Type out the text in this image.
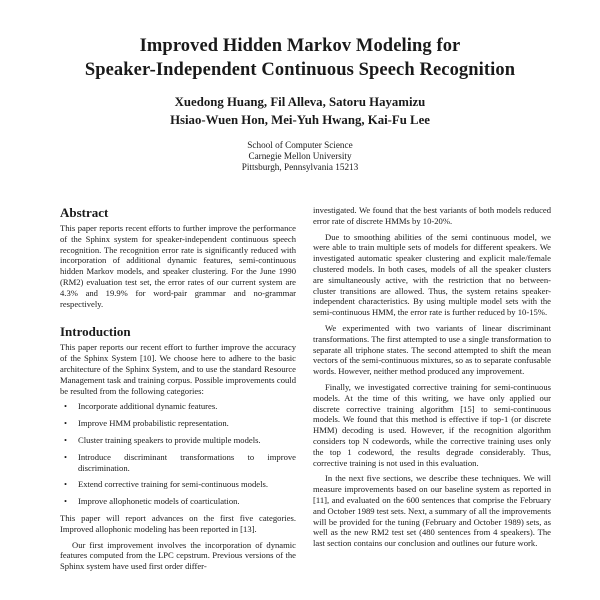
Improved Hidden Markov Modeling for
Speaker-Independent Continuous Speech Recognition
Xuedong Huang, Fil Alleva, Satoru Hayamizu
Hsiao-Wuen Hon, Mei-Yuh Hwang, Kai-Fu Lee
School of Computer Science
Carnegie Mellon University
Pittsburgh, Pennsylvania 15213
Abstract

This paper reports recent efforts to further improve the performance of the Sphinx system for speaker-independent continuous speech recognition. The recognition error rate is significantly reduced with incorporation of additional dynamic features, semi-continuous hidden Markov models, and speaker clustering. For the June 1990 (RM2) evaluation test set, the error rates of our current system are 4.3% and 19.9% for word-pair grammar and no-grammar respectively.

Introduction

This paper reports our recent effort to further improve the accuracy of the Sphinx System [10]. We choose here to adhere to the basic architecture of the Sphinx System, and to use the standard Resource Management task and training corpus. Possible improvements could be resulted from the following categories:

• Incorporate additional dynamic features.
• Improve HMM probabilistic representation.
• Cluster training speakers to provide multiple models.
• Introduce discriminant transformations to improve discrimination.
• Extend corrective training for semi-continuous models.
• Improve allophonetic models of coarticulation.

This paper will report advances on the first five categories. Improved allophonic modeling has been reported in [13].

Our first improvement involves the incorporation of dynamic features computed from the LPC cepstrum. Previous versions of the Sphinx system have used first order differ-

investigated. We found that the best variants of both models reduced error rate of discrete HMMs by 10-20%.

Due to smoothing abilities of the semi continuous model, we were able to train multiple sets of models for different speakers. We investigated automatic speaker clustering and explicit male/female clustered models. In both cases, models of all the speaker clusters are simultaneously active, with the restriction that no between-cluster transitions are allowed. Thus, the system retains speaker-independent characteristics. By using multiple model sets with the semi-continuous HMM, the error rate is further reduced by 10-15%.

We experimented with two variants of linear discriminant transformations. The first attempted to use a single transformation to separate all triphone states. The second attempted to shift the mean vectors of the semi-continuous mixtures, so as to separate confusable words. However, neither method produced any improvement.

Finally, we investigated corrective training for semi-continuous models. At the time of this writing, we have only applied our discrete corrective training algorithm [15] to semi-continuous models. We found that this method is effective if top-1 (or discrete HMM) decoding is used. However, if the recognition algorithm considers top N codewords, while the corrective training uses only the top 1 codeword, the results degrade considerably. Thus, corrective training is not used in this evaluation.

In the next five sections, we describe these techniques. We will measure improvements based on our baseline system as reported in [11], and evaluated on the 600 sentences that comprise the February and October 1989 test sets. Next, a summary of all the improvements will be provided for the tuning (February and October 1989) sets, as well as the new RM2 test set (480 sentences from 4 speakers). The last section contains our conclusion and outlines our future work.
